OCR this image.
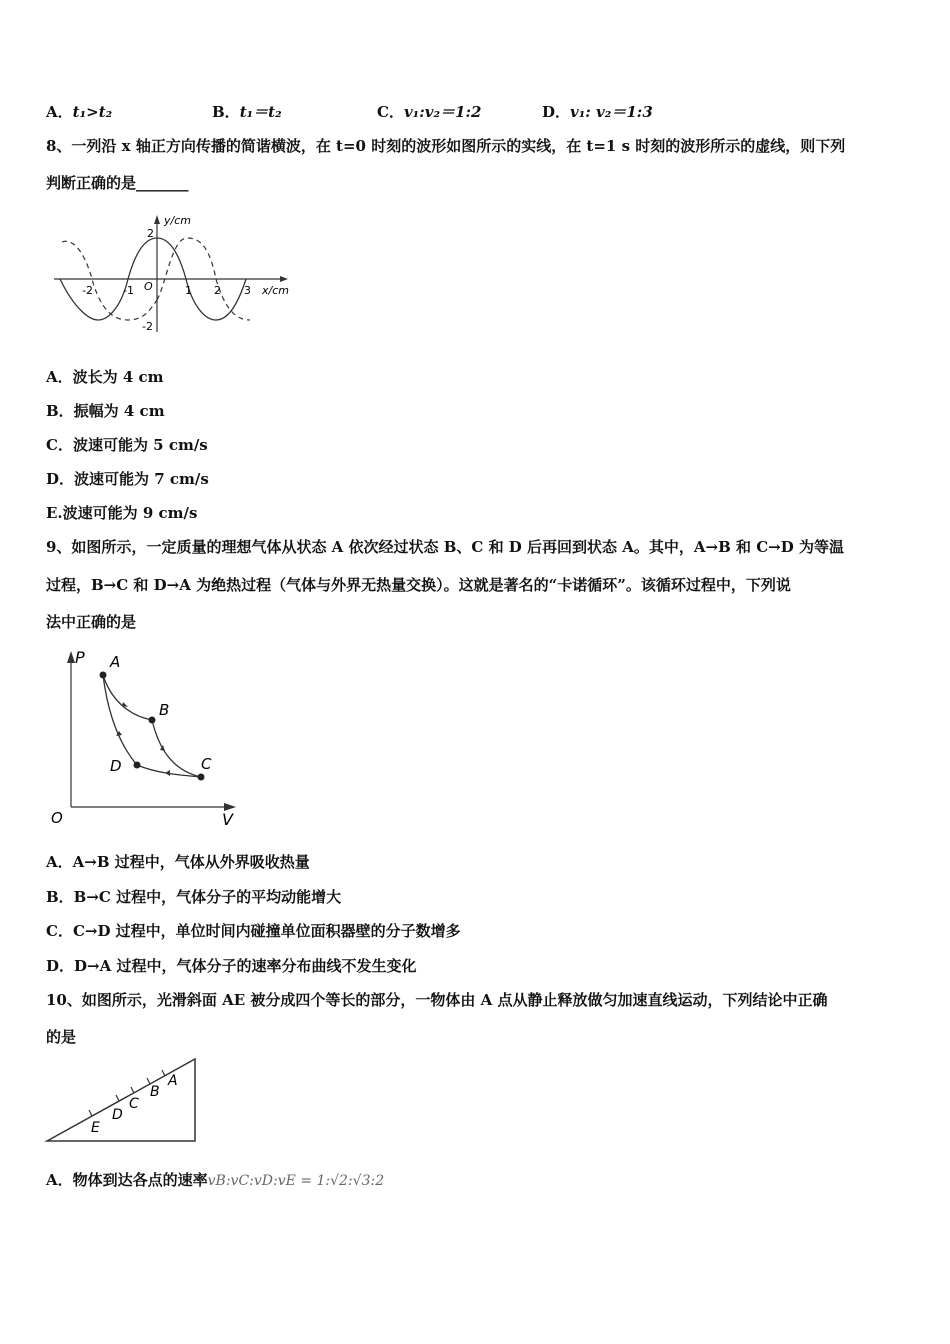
A．t₁>t₂	B．t₁＝t₂	C．v₁:v₂＝1:2	D．v₁: v₂＝1:3
8、一列沿 x 轴正方向传播的简谐横波，在 t=0 时刻的波形如图所示的实线，在 t=1 s 时刻的波形所示的虚线，则下列
判断正确的是_______
y/cm
x/cm
O
2
-2
-2	-1	1 2 3
A．波长为 4 cm
B．振幅为 4 cm
C．波速可能为 5 cm/s
D．波速可能为 7 cm/s
E.波速可能为 9 cm/s
9、如图所示，一定质量的理想气体从状态 A 依次经过状态 B、C 和 D 后再回到状态 A。其中，A→B 和 C→D 为等温
过程，B→C 和 D→A 为绝热过程（气体与外界无热量交换）。这就是著名的“卡诺循环”。该循环过程中，下列说
法中正确的是
P
V
O
A
B
C
D
A．A→B 过程中，气体从外界吸收热量
B．B→C 过程中，气体分子的平均动能增大
C．C→D 过程中，单位时间内碰撞单位面积器壁的分子数增多
D．D→A 过程中，气体分子的速率分布曲线不发生变化
10、如图所示，光滑斜面 AE 被分成四个等长的部分，一物体由 A 点从静止释放做匀加速直线运动，下列结论中正确
的是
A
B
C
D
E
A．物体到达各点的速率vB:vC:vD:vE = 1:√2:√3:2
